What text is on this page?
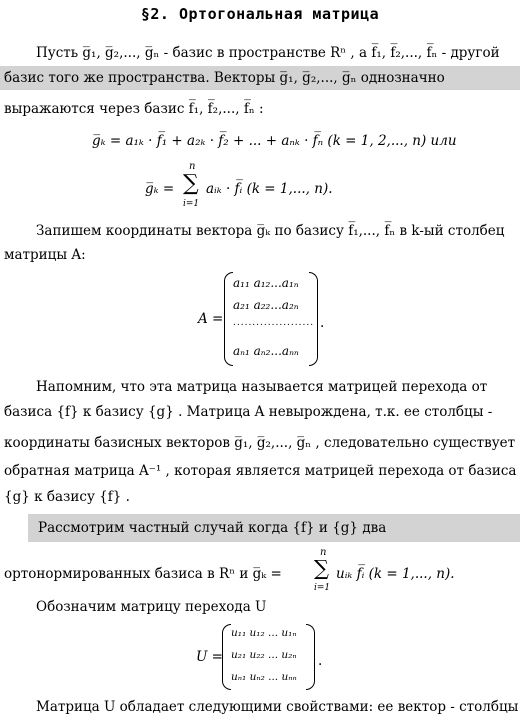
§2. Ортогональная матрица
Пусть g̅₁, g̅₂,..., g̅ₙ - базис в пространстве Rⁿ , а f̅₁, f̅₂,..., f̅ₙ - другой
базис того же пространства. Векторы g̅₁, g̅₂,..., g̅ₙ однозначно
выражаются через базис f̅₁, f̅₂,..., f̅ₙ :
g̅ₖ = a₁ₖ · f̅₁ + a₂ₖ · f̅₂ + ... + aₙₖ · f̅ₙ (k = 1, 2,..., n) или
g̅ₖ =
n
∑
i=1
aᵢₖ · f̅ᵢ (k = 1,..., n).
Запишем координаты вектора g̅ₖ по базису f̅₁,..., f̅ₙ в k-ый столбец
матрицы A:
A =
a₁₁ a₁₂...a₁ₙ
a₂₁ a₂₂...a₂ₙ
.....................
aₙ₁ aₙ₂...aₙₙ
.
Напомним, что эта матрица называется матрицей перехода от
базиса {f} к базису {g} . Матрица A невырождена, т.к. ее столбцы -
координаты базисных векторов g̅₁, g̅₂,..., g̅ₙ , следовательно существует
обратная матрица A⁻¹ , которая является матрицей перехода от базиса
{g} к базису {f} .
Рассмотрим частный случай когда {f} и {g} два
ортонормированных базиса в Rⁿ и g̅ₖ =
n
∑
i=1
uᵢₖ f̅ᵢ (k = 1,..., n).
Обозначим матрицу перехода U
U =
u₁₁ u₁₂ ... u₁ₙ
u₂₁ u₂₂ ... u₂ₙ
uₙ₁ uₙ₂ ... uₙₙ
.
Матрица U обладает следующими свойствами: ее вектор - столбцы
